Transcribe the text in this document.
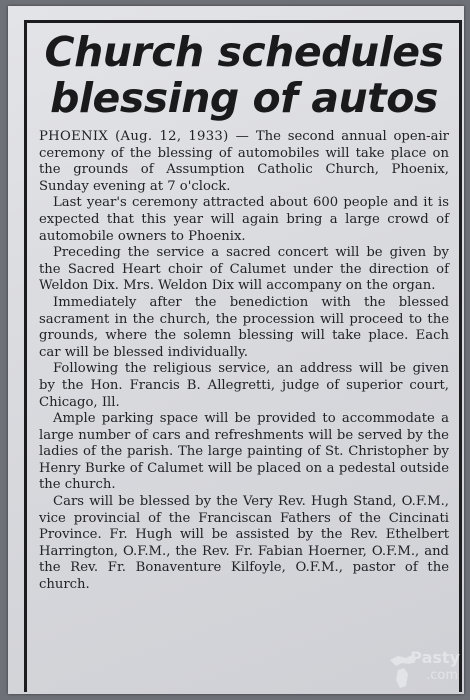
Church schedules
blessing of autos

PHOENIX (Aug. 12, 1933) — The second annual open-air ceremony of the blessing of automobiles will take place on the grounds of Assumption Catholic Church, Phoenix, Sunday evening at 7 o'clock.

Last year's ceremony attracted about 600 people and it is expected that this year will again bring a large crowd of automobile owners to Phoenix.

Preceding the service a sacred concert will be given by the Sacred Heart choir of Calumet under the direction of Weldon Dix. Mrs. Weldon Dix will accompany on the organ.

Immediately after the benediction with the blessed sacrament in the church, the procession will proceed to the grounds, where the solemn blessing will take place. Each car will be blessed individually.

Following the religious service, an address will be given by the Hon. Francis B. Allegretti, judge of superior court, Chicago, Ill.

Ample parking space will be provided to accommodate a large number of cars and refreshments will be served by the ladies of the parish. The large painting of St. Christopher by Henry Burke of Calumet will be placed on a pedestal outside the church.

Cars will be blessed by the Very Rev. Hugh Stand, O.F.M., vice provincial of the Franciscan Fathers of the Cincinati Province. Fr. Hugh will be assisted by the Rev. Ethelbert Harrington, O.F.M., the Rev. Fr. Fabian Hoerner, O.F.M., and the Rev. Fr. Bonaventure Kilfoyle, O.F.M., pastor of the church.

Pasty
.com
